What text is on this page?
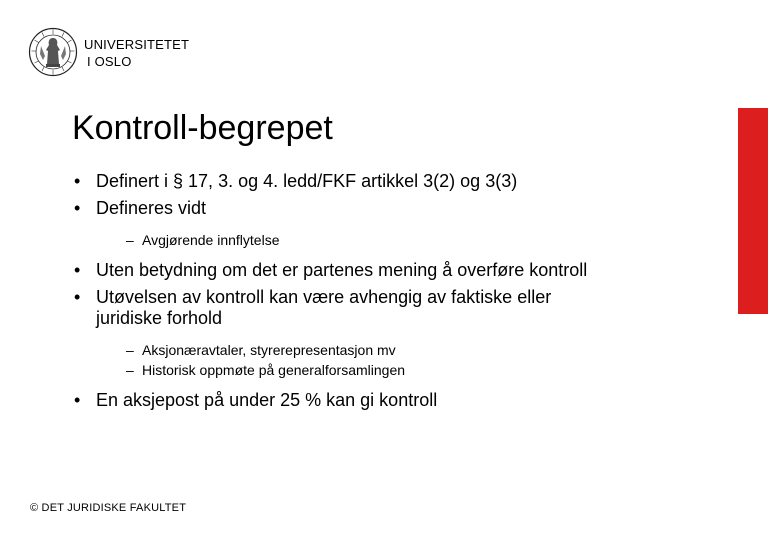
UNIVERSITETET
I OSLO
Kontroll-begrepet
• Definert i § 17, 3. og 4. ledd/FKF artikkel 3(2) og 3(3)
• Defineres vidt
– Avgjørende innflytelse
• Uten betydning om det er partenes mening å overføre kontroll
• Utøvelsen av kontroll kan være avhengig av faktiske eller juridiske forhold
– Aksjonæravtaler, styrerepresentasjon mv
– Historisk oppmøte på generalforsamlingen
• En aksjepost på under 25 % kan gi kontroll
© DET JURIDISKE FAKULTET
